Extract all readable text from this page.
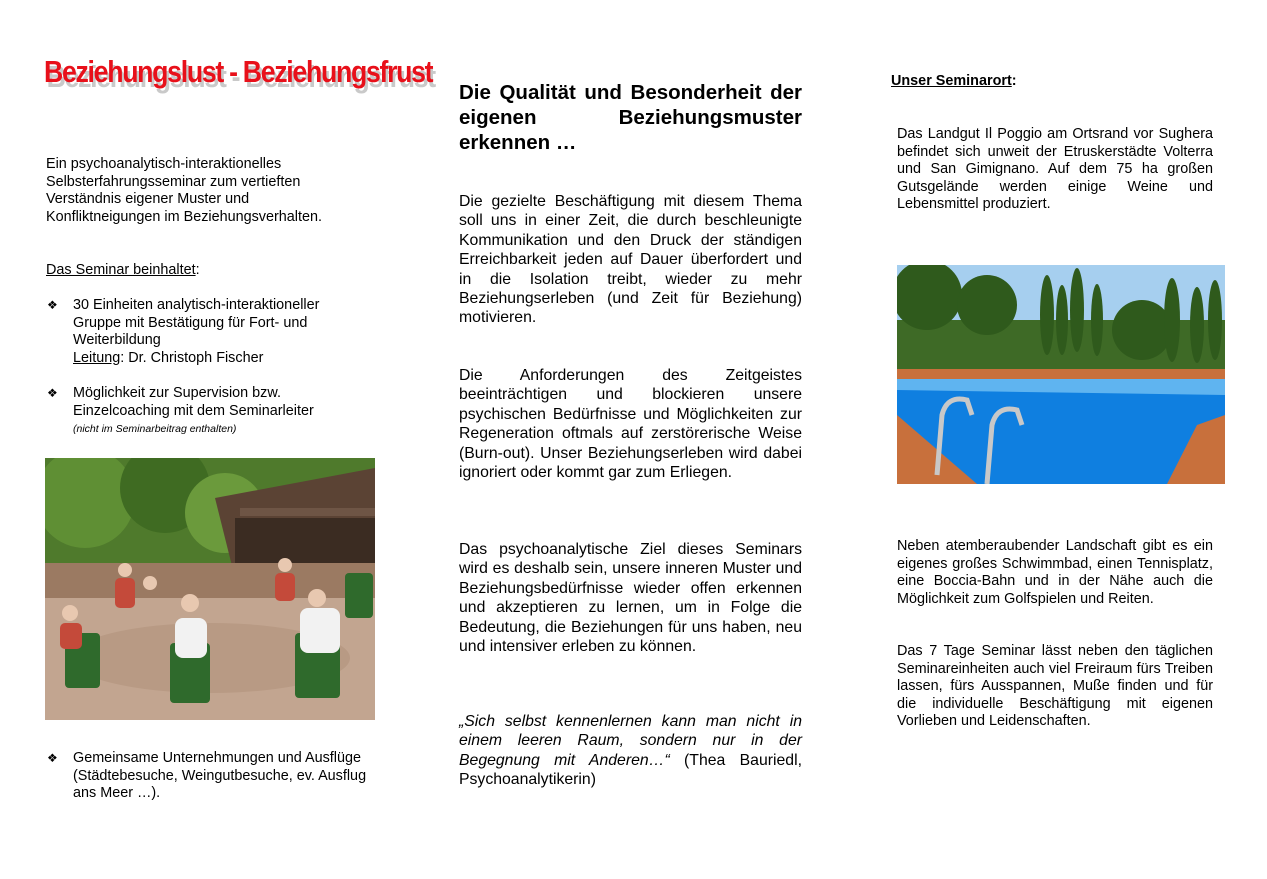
Beziehungslust - Beziehungsfrust
Ein psychoanalytisch-interaktionelles Selbsterfahrungsseminar zum vertieften Verständnis eigener Muster und Konfliktneigungen im Beziehungsverhalten.
Das Seminar beinhaltet:
❖ 30 Einheiten analytisch-interaktioneller Gruppe mit Bestätigung für Fort- und Weiterbildung
Leitung: Dr. Christoph Fischer
❖ Möglichkeit zur Supervision bzw. Einzelcoaching mit dem Seminarleiter
(nicht im Seminarbeitrag enthalten)
❖ Gemeinsame Unternehmungen und Ausflüge (Städtebesuche, Weingutbesuche, ev. Ausflug ans Meer …).
Die Qualität und Besonderheit der eigenen Beziehungsmuster erkennen …
Die gezielte Beschäftigung mit diesem Thema soll uns in einer Zeit, die durch beschleunigte Kommunikation und den Druck der ständigen Erreichbarkeit jeden auf Dauer überfordert und in die Isolation treibt, wieder zu mehr Beziehungserleben (und Zeit für Beziehung) motivieren.
Die Anforderungen des Zeitgeistes beeinträchtigen und blockieren unsere psychischen Bedürfnisse und Möglichkeiten zur Regeneration oftmals auf zerstörerische Weise (Burn-out). Unser Beziehungserleben wird dabei ignoriert oder kommt gar zum Erliegen.
Das psychoanalytische Ziel dieses Seminars wird es deshalb sein, unsere inneren Muster und Beziehungsbedürfnisse wieder offen erkennen und akzeptieren zu lernen, um in Folge die Bedeutung, die Beziehungen für uns haben, neu und intensiver erleben zu können.
„Sich selbst kennenlernen kann man nicht in einem leeren Raum, sondern nur in der Begegnung mit Anderen…“ (Thea Bauriedl, Psychoanalytikerin)
Unser Seminarort:
Das Landgut Il Poggio am Ortsrand vor Sughera befindet sich unweit der Etruskerstädte Volterra und San Gimignano. Auf dem 75 ha großen Gutsgelände werden einige Weine und Lebensmittel produziert.
Neben atemberaubender Landschaft gibt es ein eigenes großes Schwimmbad, einen Tennisplatz, eine Boccia-Bahn und in der Nähe auch die Möglichkeit zum Golfspielen und Reiten.
Das 7 Tage Seminar lässt neben den täglichen Seminareinheiten auch viel Freiraum fürs Treiben lassen, fürs Ausspannen, Muße finden und für die individuelle Beschäftigung mit eigenen Vorlieben und Leidenschaften.
